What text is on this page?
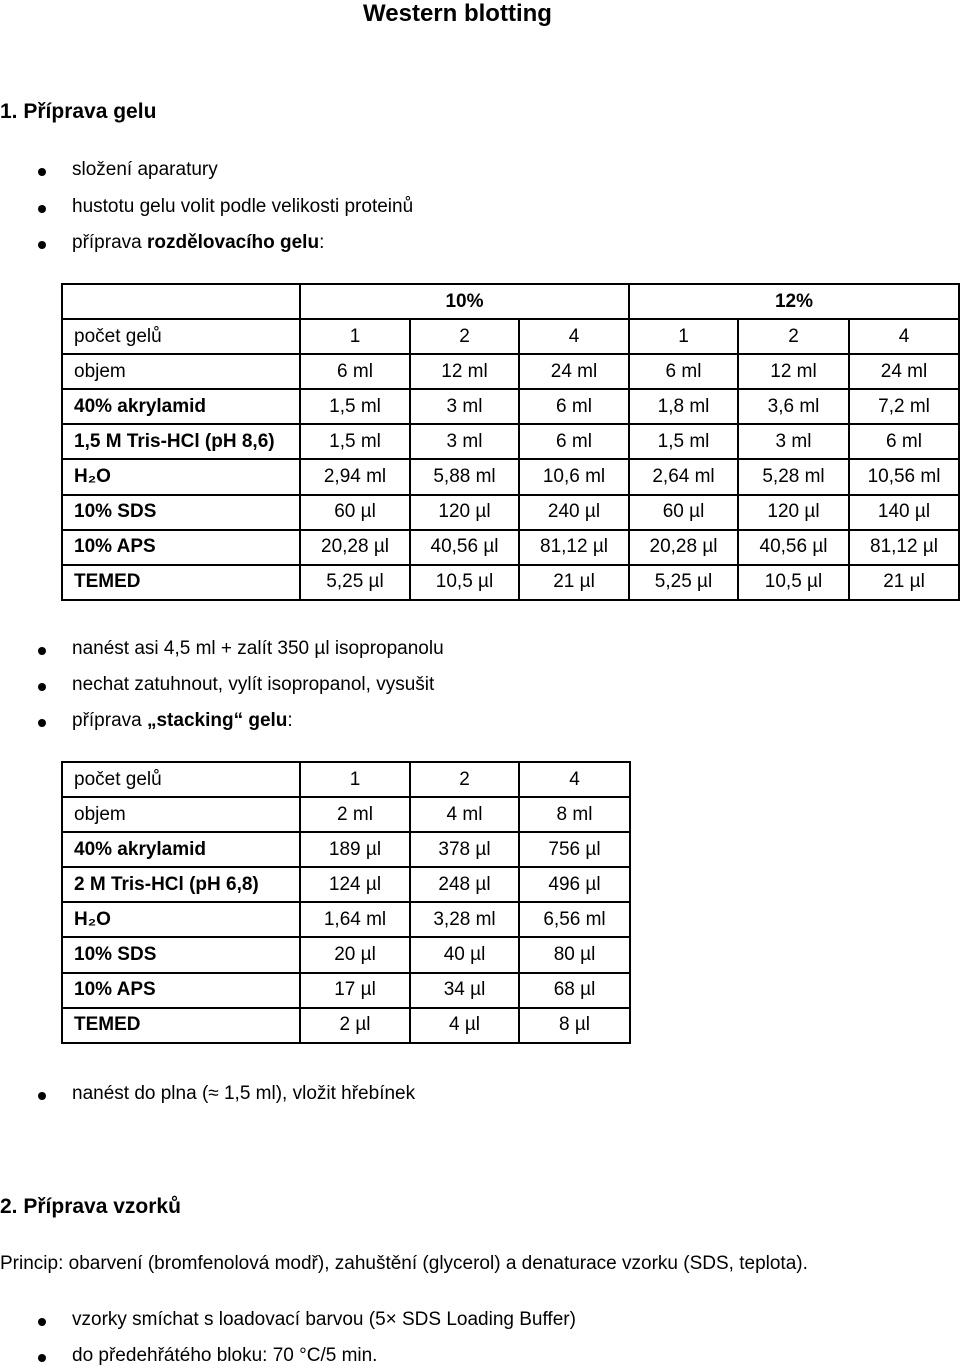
Western blotting
1. Příprava gelu
složení aparatury
hustotu gelu volit podle velikosti proteinů
příprava rozdělovacího gelu:
	10%			12%		
počet gelů	1	2	4	1	2	4
objem	6 ml	12 ml	24 ml	6 ml	12 ml	24 ml
40% akrylamid	1,5 ml	3 ml	6 ml	1,8 ml	3,6 ml	7,2 ml
1,5 M Tris-HCl (pH 8,6)	1,5 ml	3 ml	6 ml	1,5 ml	3 ml	6 ml
H₂O	2,94 ml	5,88 ml	10,6 ml	2,64 ml	5,28 ml	10,56 ml
10% SDS	60 µl	120 µl	240 µl	60 µl	120 µl	140 µl
10% APS	20,28 µl	40,56 µl	81,12 µl	20,28 µl	40,56 µl	81,12 µl
TEMED	5,25 µl	10,5 µl	21 µl	5,25 µl	10,5 µl	21 µl
nanést asi 4,5 ml + zalít 350 µl isopropanolu
nechat zatuhnout, vylít isopropanol, vysušit
příprava „stacking“ gelu:
počet gelů	1	2	4
objem	2 ml	4 ml	8 ml
40% akrylamid	189 µl	378 µl	756 µl
2 M Tris-HCl (pH 6,8)	124 µl	248 µl	496 µl
H₂O	1,64 ml	3,28 ml	6,56 ml
10% SDS	20 µl	40 µl	80 µl
10% APS	17 µl	34 µl	68 µl
TEMED	2 µl	4 µl	8 µl
nanést do plna (≈ 1,5 ml), vložit hřebínek
2. Příprava vzorků
Princip: obarvení (bromfenolová modř), zahuštění (glycerol) a denaturace vzorku (SDS, teplota).
vzorky smíchat s loadovací barvou (5× SDS Loading Buffer)
do předehřátého bloku: 70 °C/5 min.
